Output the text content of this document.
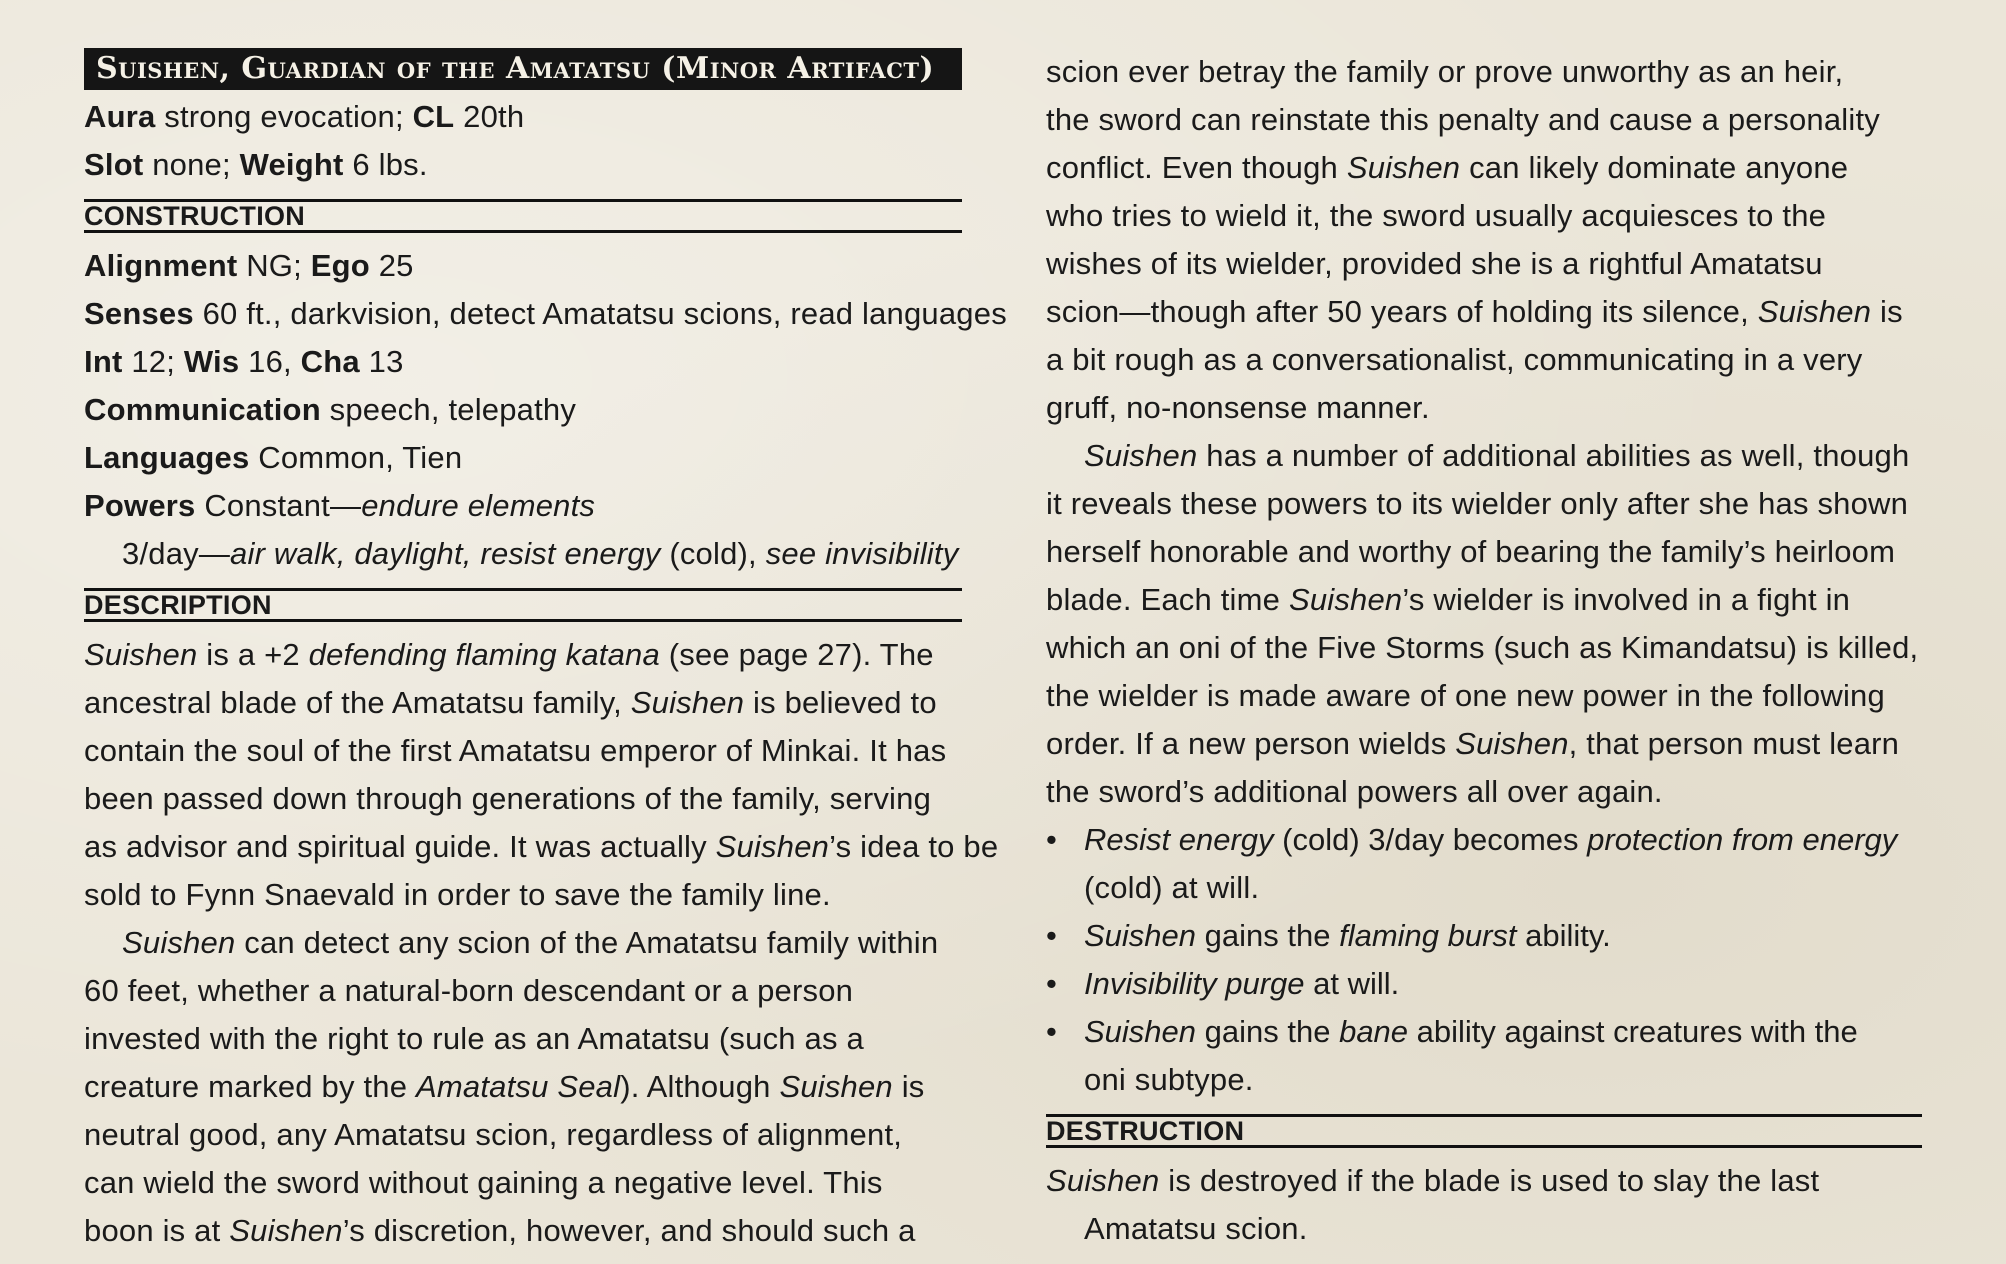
Suishen, Guardian of the Amatatsu (Minor Artifact)
Aura strong evocation; CL 20th
Slot none; Weight 6 lbs.
CONSTRUCTION
Alignment NG; Ego 25
Senses 60 ft., darkvision, detect Amatatsu scions, read languages
Int 12; Wis 16, Cha 13
Communication speech, telepathy
Languages Common, Tien
Powers Constant—endure elements
3/day—air walk, daylight, resist energy (cold), see invisibility
DESCRIPTION
Suishen is a +2 defending flaming katana (see page 27). The
ancestral blade of the Amatatsu family, Suishen is believed to
contain the soul of the first Amatatsu emperor of Minkai. It has
been passed down through generations of the family, serving
as advisor and spiritual guide. It was actually Suishen’s idea to be
sold to Fynn Snaevald in order to save the family line.
Suishen can detect any scion of the Amatatsu family within
60 feet, whether a natural-born descendant or a person
invested with the right to rule as an Amatatsu (such as a
creature marked by the Amatatsu Seal). Although Suishen is
neutral good, any Amatatsu scion, regardless of alignment,
can wield the sword without gaining a negative level. This
boon is at Suishen’s discretion, however, and should such a
scion ever betray the family or prove unworthy as an heir,
the sword can reinstate this penalty and cause a personality
conflict. Even though Suishen can likely dominate anyone
who tries to wield it, the sword usually acquiesces to the
wishes of its wielder, provided she is a rightful Amatatsu
scion—though after 50 years of holding its silence, Suishen is
a bit rough as a conversationalist, communicating in a very
gruff, no-nonsense manner.
Suishen has a number of additional abilities as well, though
it reveals these powers to its wielder only after she has shown
herself honorable and worthy of bearing the family’s heirloom
blade. Each time Suishen’s wielder is involved in a fight in
which an oni of the Five Storms (such as Kimandatsu) is killed,
the wielder is made aware of one new power in the following
order. If a new person wields Suishen, that person must learn
the sword’s additional powers all over again.
• Resist energy (cold) 3/day becomes protection from energy
(cold) at will.
• Suishen gains the flaming burst ability.
• Invisibility purge at will.
• Suishen gains the bane ability against creatures with the
oni subtype.
DESTRUCTION
Suishen is destroyed if the blade is used to slay the last
Amatatsu scion.
